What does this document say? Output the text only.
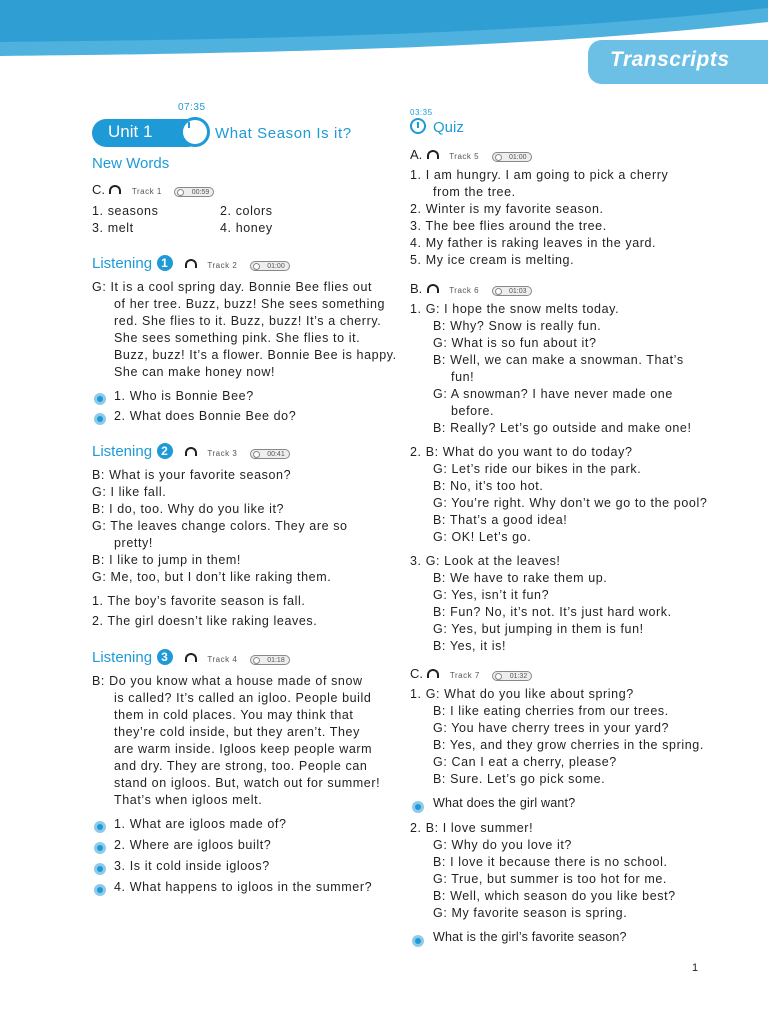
Transcripts
07:35
Unit 1	What Season Is it?
New Words
C.	Track 1	00:59
1. seasons	2. colors
3. melt	4. honey
Listening 1	Track 2	01:00
G: It is a cool spring day. Bonnie Bee flies out
of her tree. Buzz, buzz! She sees something
red. She flies to it. Buzz, buzz! It’s a cherry.
She sees something pink. She flies to it.
Buzz, buzz! It’s a flower. Bonnie Bee is happy.
She can make honey now!
1. Who is Bonnie Bee?
2. What does Bonnie Bee do?
Listening 2	Track 3	00:41
B: What is your favorite season?
G: I like fall.
B: I do, too. Why do you like it?
G: The leaves change colors. They are so
pretty!
B: I like to jump in them!
G: Me, too, but I don’t like raking them.
1. The boy’s favorite season is fall.
2. The girl doesn’t like raking leaves.
Listening 3	Track 4	01:18
B: Do you know what a house made of snow
is called? It’s called an igloo. People build
them in cold places. You may think that
they’re cold inside, but they aren’t. They
are warm inside. Igloos keep people warm
and dry. They are strong, too. People can
stand on igloos. But, watch out for summer!
That’s when igloos melt.
1. What are igloos made of?
2. Where are igloos built?
3. Is it cold inside igloos?
4. What happens to igloos in the summer?
03:35
Quiz
A.	Track 5	01:00
1. I am hungry. I am going to pick a cherry
from the tree.
2. Winter is my favorite season.
3. The bee flies around the tree.
4. My father is raking leaves in the yard.
5. My ice cream is melting.
B.	Track 6	01:03
1. G: I hope the snow melts today.
B: Why? Snow is really fun.
G: What is so fun about it?
B: Well, we can make a snowman. That’s
fun!
G: A snowman? I have never made one
before.
B: Really? Let’s go outside and make one!
2. B: What do you want to do today?
G: Let’s ride our bikes in the park.
B: No, it’s too hot.
G: You’re right. Why don’t we go to the pool?
B: That’s a good idea!
G: OK! Let’s go.
3. G: Look at the leaves!
B: We have to rake them up.
G: Yes, isn’t it fun?
B: Fun? No, it’s not. It’s just hard work.
G: Yes, but jumping in them is fun!
B: Yes, it is!
C.	Track 7	01:32
1. G: What do you like about spring?
B: I like eating cherries from our trees.
G: You have cherry trees in your yard?
B: Yes, and they grow cherries in the spring.
G: Can I eat a cherry, please?
B: Sure. Let’s go pick some.
What does the girl want?
2. B: I love summer!
G: Why do you love it?
B: I love it because there is no school.
G: True, but summer is too hot for me.
B: Well, which season do you like best?
G: My favorite season is spring.
What is the girl’s favorite season?
1
